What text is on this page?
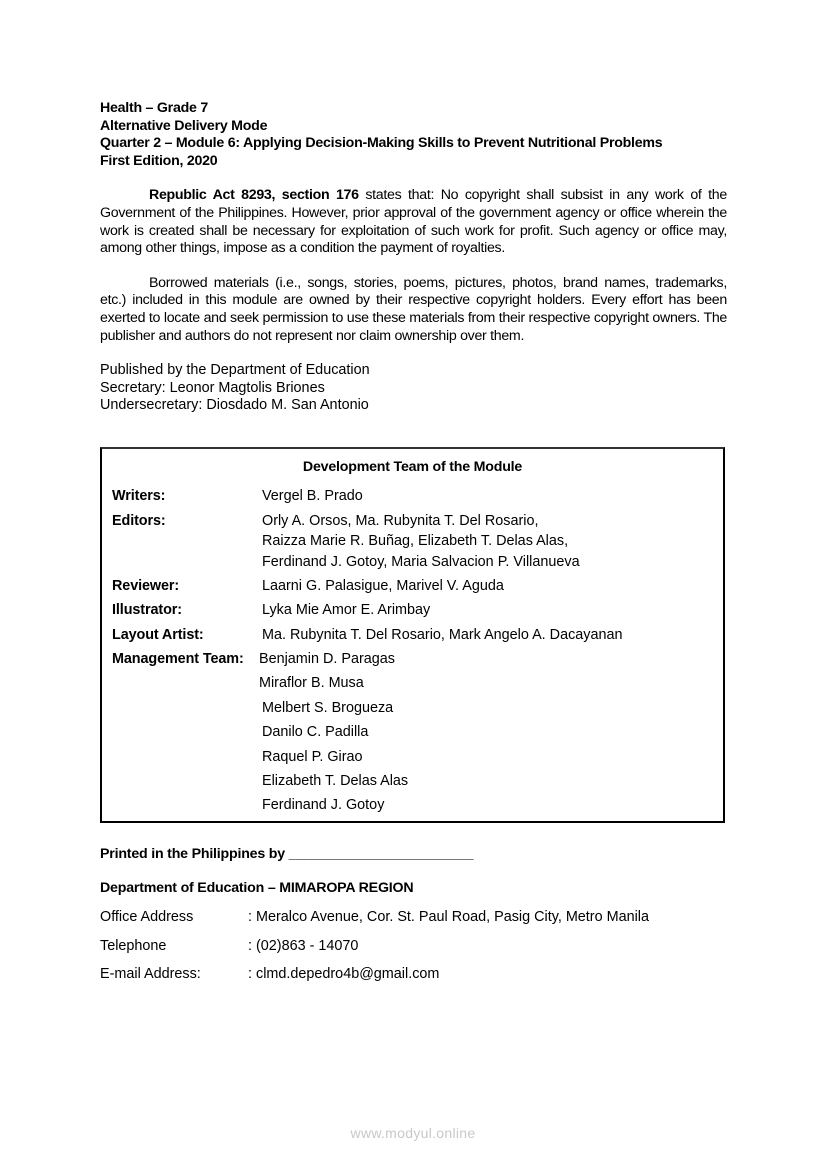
Health – Grade 7
Alternative Delivery Mode
Quarter 2 – Module 6: Applying Decision-Making Skills to Prevent Nutritional Problems
First Edition, 2020
Republic Act 8293, section 176 states that: No copyright shall subsist in any work of the Government of the Philippines. However, prior approval of the government agency or office wherein the work is created shall be necessary for exploitation of such work for profit. Such agency or office may, among other things, impose as a condition the payment of royalties.
Borrowed materials (i.e., songs, stories, poems, pictures, photos, brand names, trademarks, etc.) included in this module are owned by their respective copyright holders. Every effort has been exerted to locate and seek permission to use these materials from their respective copyright owners. The publisher and authors do not represent nor claim ownership over them.
Published by the Department of Education
Secretary: Leonor Magtolis Briones
Undersecretary: Diosdado M. San Antonio
Development Team of the Module
Writers:	Vergel B. Prado
Editors:	Orly A. Orsos, Ma. Rubynita T. Del Rosario,
Raizza Marie R. Buñag, Elizabeth T. Delas Alas,
Ferdinand J. Gotoy, Maria Salvacion P. Villanueva
Reviewer:	Laarni G. Palasigue, Marivel V. Aguda
Illustrator:	Lyka Mie Amor E. Arimbay
Layout Artist:	Ma. Rubynita T. Del Rosario, Mark Angelo A. Dacayanan
Management Team: Benjamin D. Paragas
Miraflor B. Musa
Melbert S. Brogueza
Danilo C. Padilla
Raquel P. Girao
Elizabeth T. Delas Alas
Ferdinand J. Gotoy
Printed in the Philippines by ________________________
Department of Education – MIMAROPA REGION
Office Address	: Meralco Avenue, Cor. St. Paul Road, Pasig City, Metro Manila
Telephone	: (02)863 - 14070
E-mail Address:	: clmd.depedro4b@gmail.com
www.modyul.online
